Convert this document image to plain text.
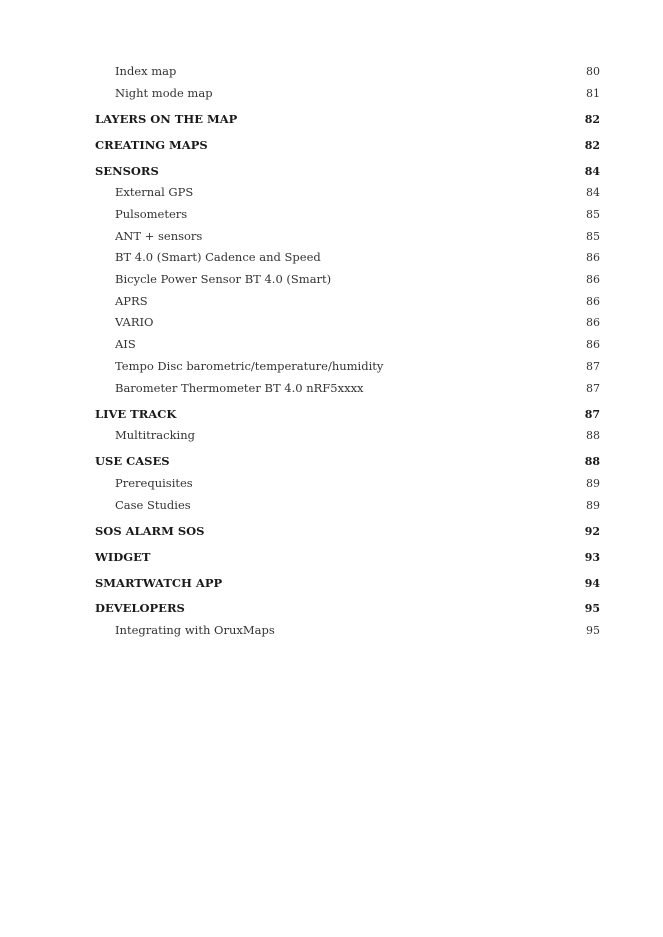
Index map	80
Night mode map	81
LAYERS ON THE MAP	82
CREATING MAPS	82
SENSORS	84
External GPS	84
Pulsometers	85
ANT + sensors	85
BT 4.0 (Smart) Cadence and Speed	86
Bicycle Power Sensor BT 4.0 (Smart)	86
APRS	86
VARIO	86
AIS	86
Tempo Disc barometric/temperature/humidity	87
Barometer Thermometer BT 4.0 nRF5xxxx	87
LIVE TRACK	87
Multitracking	88
USE CASES	88
Prerequisites	89
Case Studies	89
SOS ALARM SOS	92
WIDGET	93
SMARTWATCH APP	94
DEVELOPERS	95
Integrating with OruxMaps	95
